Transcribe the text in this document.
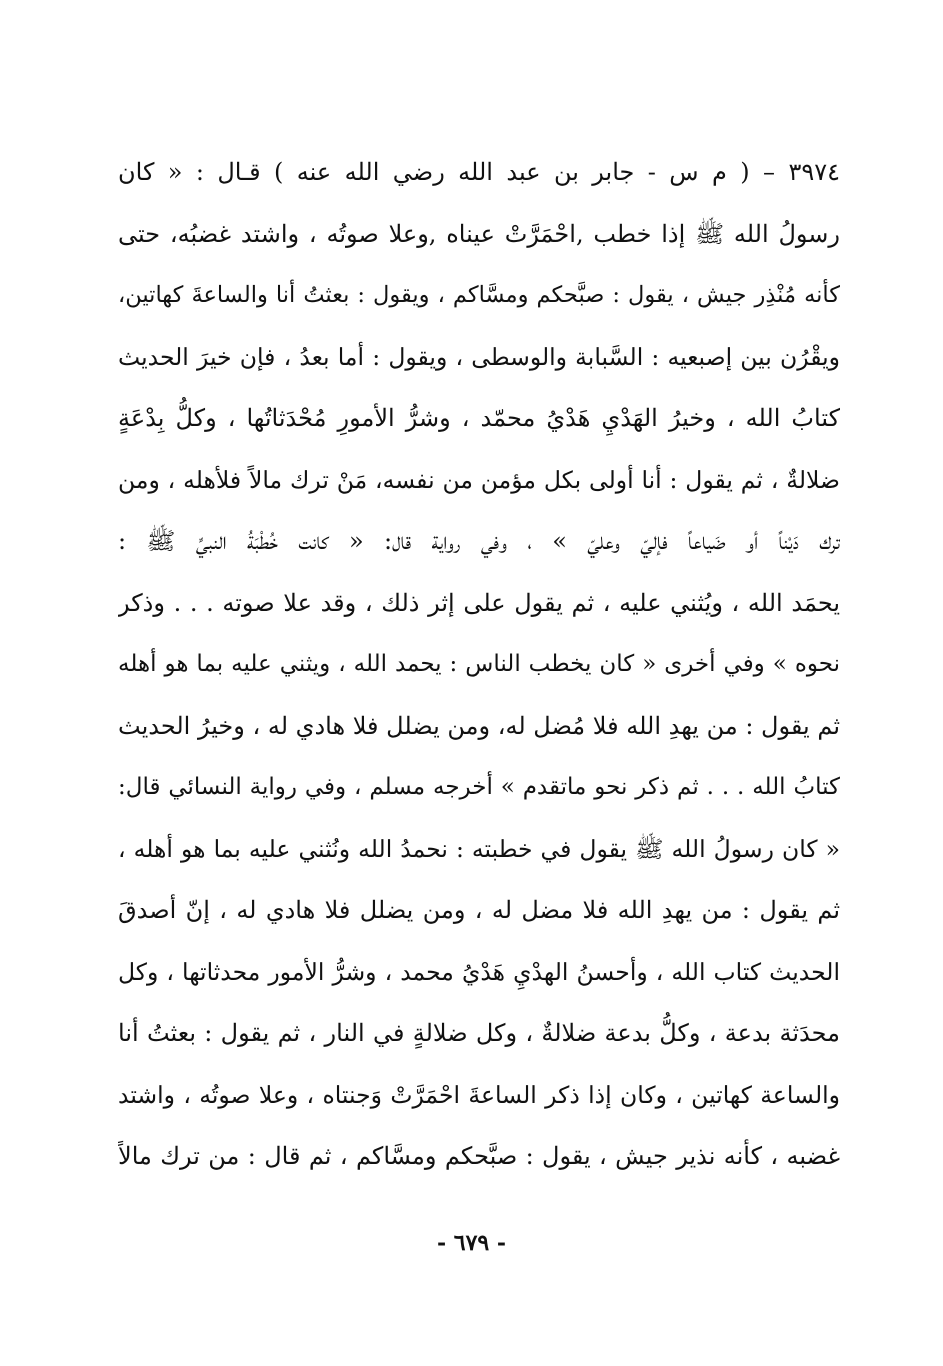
٣٩٧٤ – ( م س - جابر بن عبد الله رضي الله عنه ) قـال : « كان
رسولُ الله ﷺ إذا خطب ,احْمَرَّتْ عيناه ,وعلا صوتُه ، واشتد غضبُه، حتى
كأنه مُنْذِر جيش ، يقول : صبَّحكم ومسَّاكم ، ويقول : بعثتُ أنا والساعةَ كهاتين،
ويقْرُن بين إصبعيه : السَّبابة والوسطى ، ويقول : أما بعدُ ، فإن خيرَ الحديث
كتابُ الله ، وخيرُ الهَدْيِ هَدْيُ محمّد ، وشرُّ الأمورِ مُحْدَثاتُها ، وكلُّ بِدْعَةٍ
ضلالةٌ ، ثم يقول : أنا أولى بكل مؤمن من نفسه، مَنْ ترك مالاً فلأهله ، ومن
ترك دَيْناً أو ضَياعاً فإليّ وعليّ » ، وفي رواية قال: « كانت خُطْبَةُ النبيِّ ﷺ :
يحمَد الله ، ويُثني عليه ، ثم يقول على إثر ذلك ، وقد علا صوته . . . وذكر
نحوه » وفي أخرى « كان يخطب الناس : يحمد الله ، ويثني عليه بما هو أهله
ثم يقول : من يهدِ الله فلا مُضل له، ومن يضلل فلا هادي له ، وخيرُ الحديث
كتابُ الله . . . ثم ذكر نحو ماتقدم » أخرجه مسلم ، وفي رواية النسائي قال:
« كان رسولُ الله ﷺ يقول في خطبته : نحمدُ الله ونُثني عليه بما هو أهله ،
ثم يقول : من يهدِ الله فلا مضل له ، ومن يضلل فلا هادي له ، إنّ أصدقَ
الحديث كتاب الله ، وأحسنُ الهدْيِ هَدْيُ محمد ، وشرُّ الأمور محدثاتها ، وكل
محدَثة بدعة ، وكلُّ بدعة ضلالةٌ ، وكل ضلالةٍ في النار ، ثم يقول : بعثتُ أنا
والساعة كهاتين ، وكان إذا ذكر الساعةَ احْمَرَّتْ وَجنتاه ، وعلا صوتُه ، واشتد
غضبه ، كأنه نذير جيش ، يقول : صبَّحكم ومسَّاكم ، ثم قال : من ترك مالاً
- ٦٧٩ -
